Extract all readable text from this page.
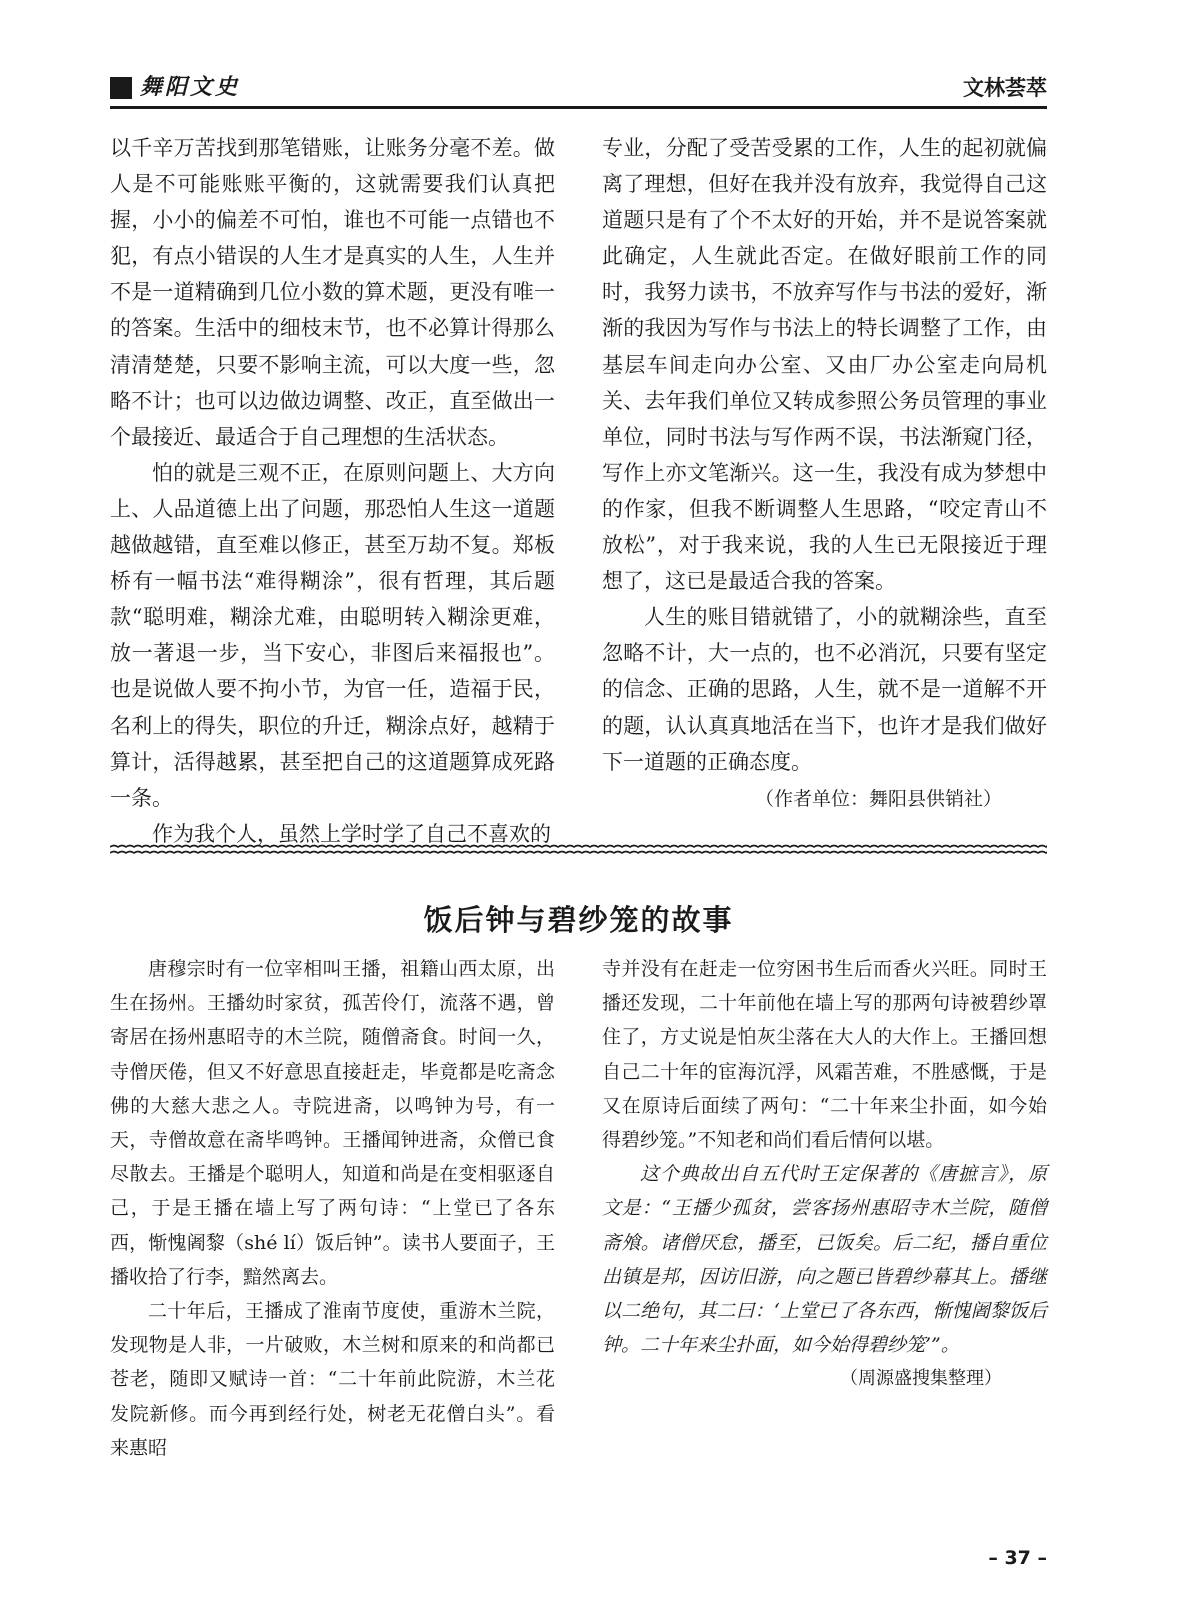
舞阳文史	文林荟萃

以千辛万苦找到那笔错账，让账务分毫不差。做人是不可能账账平衡的，这就需要我们认真把握，小小的偏差不可怕，谁也不可能一点错也不犯，有点小错误的人生才是真实的人生，人生并不是一道精确到几位小数的算术题，更没有唯一的答案。生活中的细枝末节，也不必算计得那么清清楚楚，只要不影响主流，可以大度一些，忽略不计；也可以边做边调整、改正，直至做出一个最接近、最适合于自己理想的生活状态。

怕的就是三观不正，在原则问题上、大方向上、人品道德上出了问题，那恐怕人生这一道题越做越错，直至难以修正，甚至万劫不复。郑板桥有一幅书法“难得糊涂”，很有哲理，其后题款“聪明难，糊涂尤难，由聪明转入糊涂更难，放一著退一步，当下安心，非图后来福报也”。也是说做人要不拘小节，为官一任，造福于民，名利上的得失，职位的升迁，糊涂点好，越精于算计，活得越累，甚至把自己的这道题算成死路一条。

作为我个人，虽然上学时学了自己不喜欢的

专业，分配了受苦受累的工作，人生的起初就偏离了理想，但好在我并没有放弃，我觉得自己这道题只是有了个不太好的开始，并不是说答案就此确定，人生就此否定。在做好眼前工作的同时，我努力读书，不放弃写作与书法的爱好，渐渐的我因为写作与书法上的特长调整了工作，由基层车间走向办公室、又由厂办公室走向局机关、去年我们单位又转成参照公务员管理的事业单位，同时书法与写作两不误，书法渐窥门径，写作上亦文笔渐兴。这一生，我没有成为梦想中的作家，但我不断调整人生思路，“咬定青山不放松”，对于我来说，我的人生已无限接近于理想了，这已是最适合我的答案。

人生的账目错就错了，小的就糊涂些，直至忽略不计，大一点的，也不必消沉，只要有坚定的信念、正确的思路，人生，就不是一道解不开的题，认认真真地活在当下，也许才是我们做好下一道题的正确态度。

（作者单位：舞阳县供销社）

饭后钟与碧纱笼的故事

唐穆宗时有一位宰相叫王播，祖籍山西太原，出生在扬州。王播幼时家贫，孤苦伶仃，流落不遇，曾寄居在扬州惠昭寺的木兰院，随僧斋食。时间一久，寺僧厌倦，但又不好意思直接赶走，毕竟都是吃斋念佛的大慈大悲之人。寺院进斋，以鸣钟为号，有一天，寺僧故意在斋毕鸣钟。王播闻钟进斋，众僧已食尽散去。王播是个聪明人，知道和尚是在变相驱逐自己，于是王播在墙上写了两句诗：“上堂已了各东西，惭愧阇黎（shé lí）饭后钟”。读书人要面子，王播收拾了行李，黯然离去。

二十年后，王播成了淮南节度使，重游木兰院，发现物是人非，一片破败，木兰树和原来的和尚都已苍老，随即又赋诗一首：“二十年前此院游，木兰花发院新修。而今再到经行处，树老无花僧白头”。看来惠昭

寺并没有在赶走一位穷困书生后而香火兴旺。同时王播还发现，二十年前他在墙上写的那两句诗被碧纱罩住了，方丈说是怕灰尘落在大人的大作上。王播回想自己二十年的宦海沉浮，风霜苦难，不胜感慨，于是又在原诗后面续了两句：“二十年来尘扑面，如今始得碧纱笼。”不知老和尚们看后情何以堪。

这个典故出自五代时王定保著的《唐摭言》，原文是：“王播少孤贫，尝客扬州惠昭寺木兰院，随僧斋飧。诸僧厌怠，播至，已饭矣。后二纪，播自重位出镇是邦，因访旧游，向之题已皆碧纱幕其上。播继以二绝句，其二曰：‘上堂已了各东西，惭愧阇黎饭后钟。二十年来尘扑面，如今始得碧纱笼’”。

（周源盛搜集整理）

– 37 –
